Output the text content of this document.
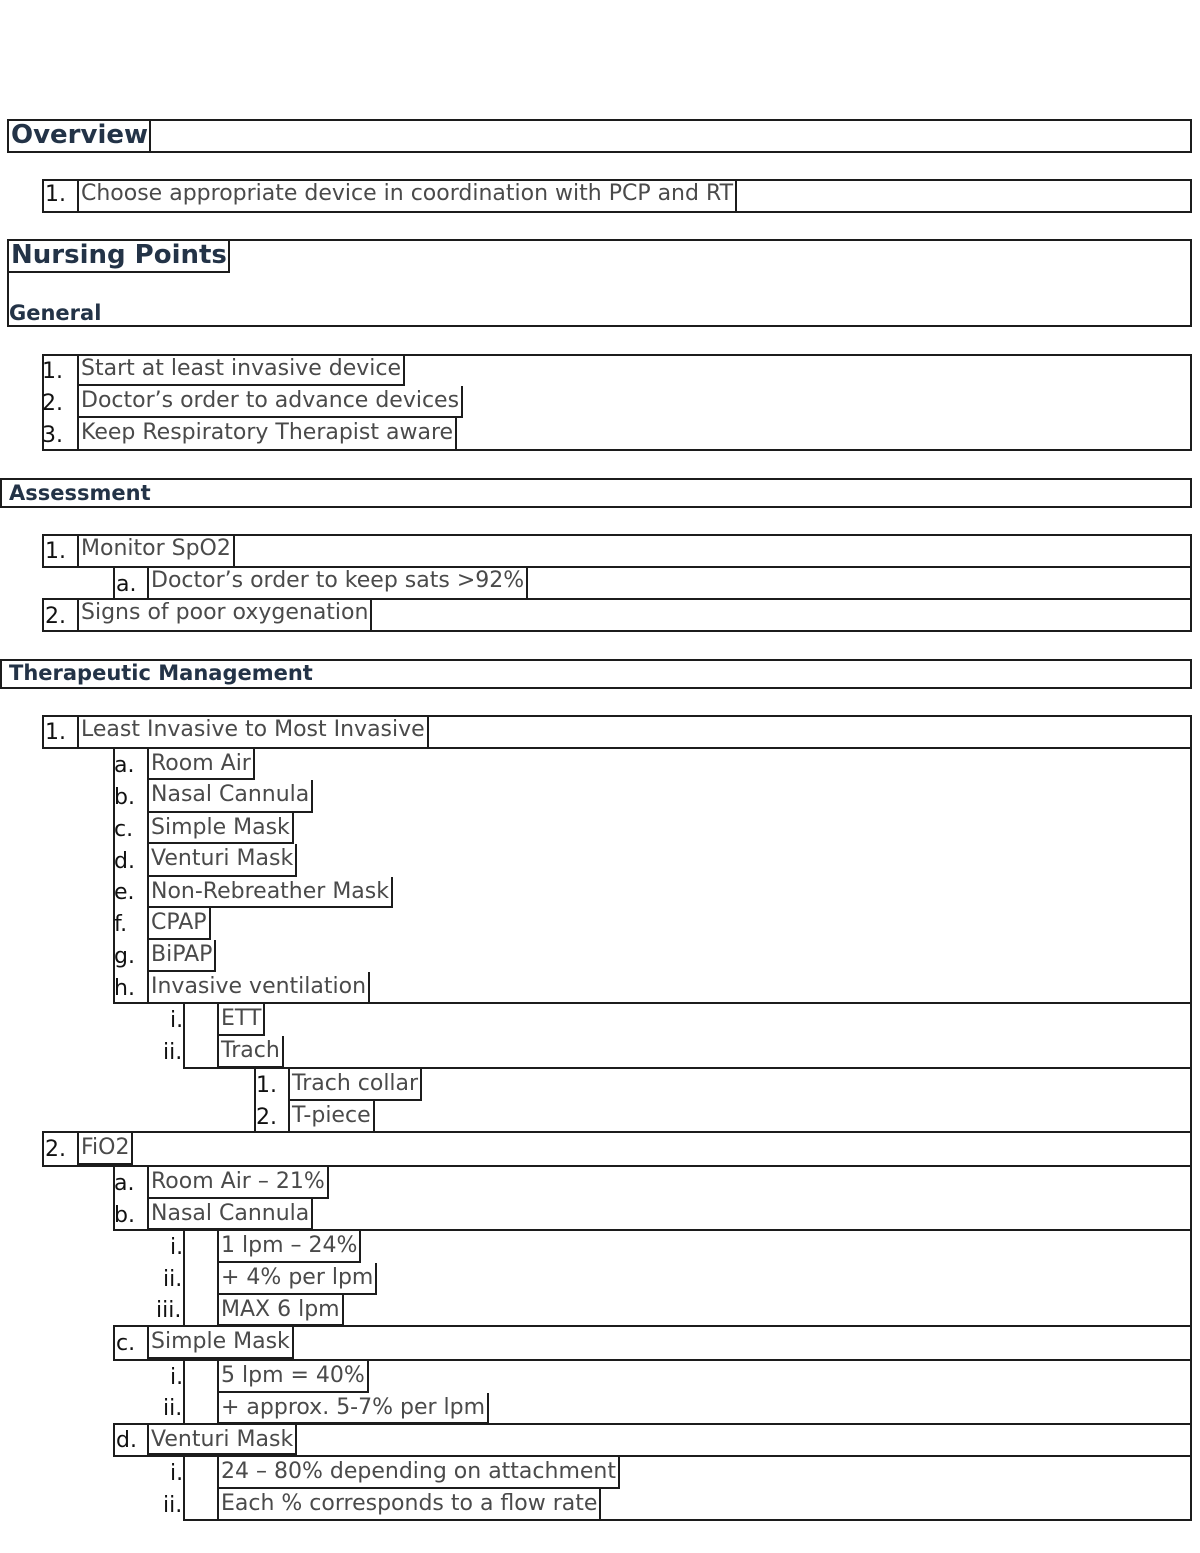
Overview
1. Choose appropriate device in coordination with PCP and RT
Nursing Points
General
1. Start at least invasive device
2. Doctor’s order to advance devices
3. Keep Respiratory Therapist aware
Assessment
1. Monitor SpO2
a. Doctor’s order to keep sats >92%
2. Signs of poor oxygenation
Therapeutic Management
1. Least Invasive to Most Invasive
a. Room Air
b. Nasal Cannula
c. Simple Mask
d. Venturi Mask
e. Non-Rebreather Mask
f. CPAP
g. BiPAP
h. Invasive ventilation
i. ETT
ii. Trach
1. Trach collar
2. T-piece
2. FiO2
a. Room Air – 21%
b. Nasal Cannula
i. 1 lpm – 24%
ii. + 4% per lpm
iii. MAX 6 lpm
c. Simple Mask
i. 5 lpm = 40%
ii. + approx. 5-7% per lpm
d. Venturi Mask
i. 24 – 80% depending on attachment
ii. Each % corresponds to a flow rate
